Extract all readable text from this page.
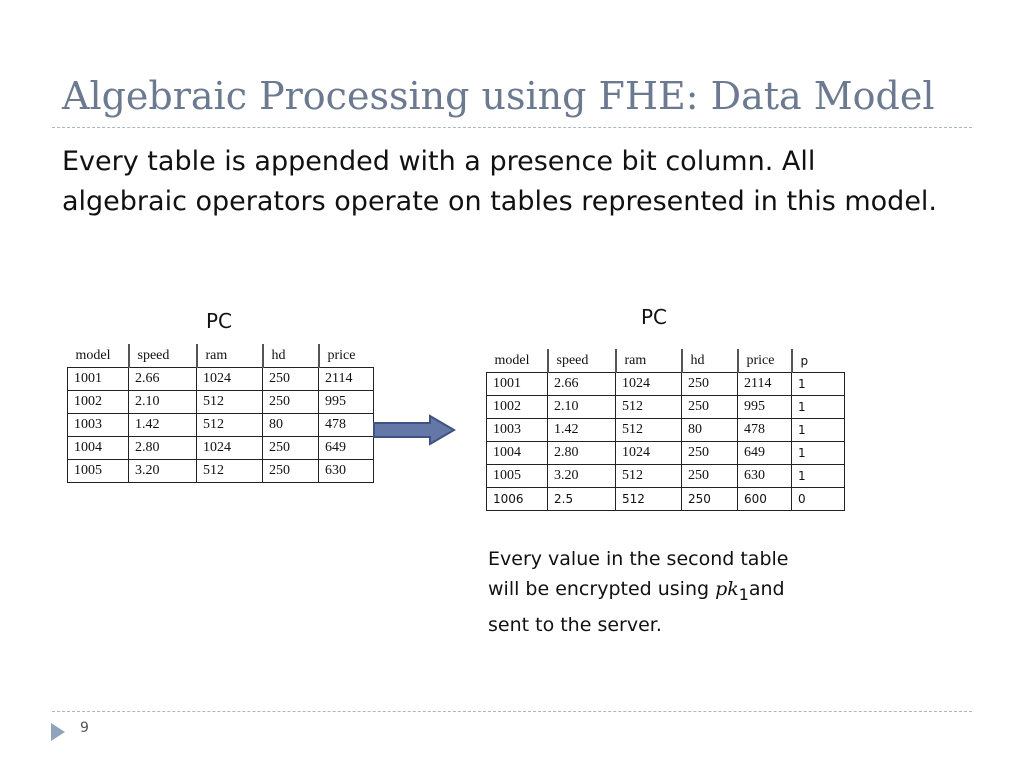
Algebraic Processing using FHE: Data Model
Every table is appended with a presence bit column. All algebraic operators operate on tables represented in this model.
PC
model	speed	ram	hd	price
1001	2.66	1024	250	2114
1002	2.10	512	250	995
1003	1.42	512	80	478
1004	2.80	1024	250	649
1005	3.20	512	250	630
PC
model	speed	ram	hd	price	p
1001	2.66	1024	250	2114	1
1002	2.10	512	250	995	1
1003	1.42	512	80	478	1
1004	2.80	1024	250	649	1
1005	3.20	512	250	630	1
1006	2.5	512	250	600	0
Every value in the second table
will be encrypted using $pk_1and$
sent to the server.
9
